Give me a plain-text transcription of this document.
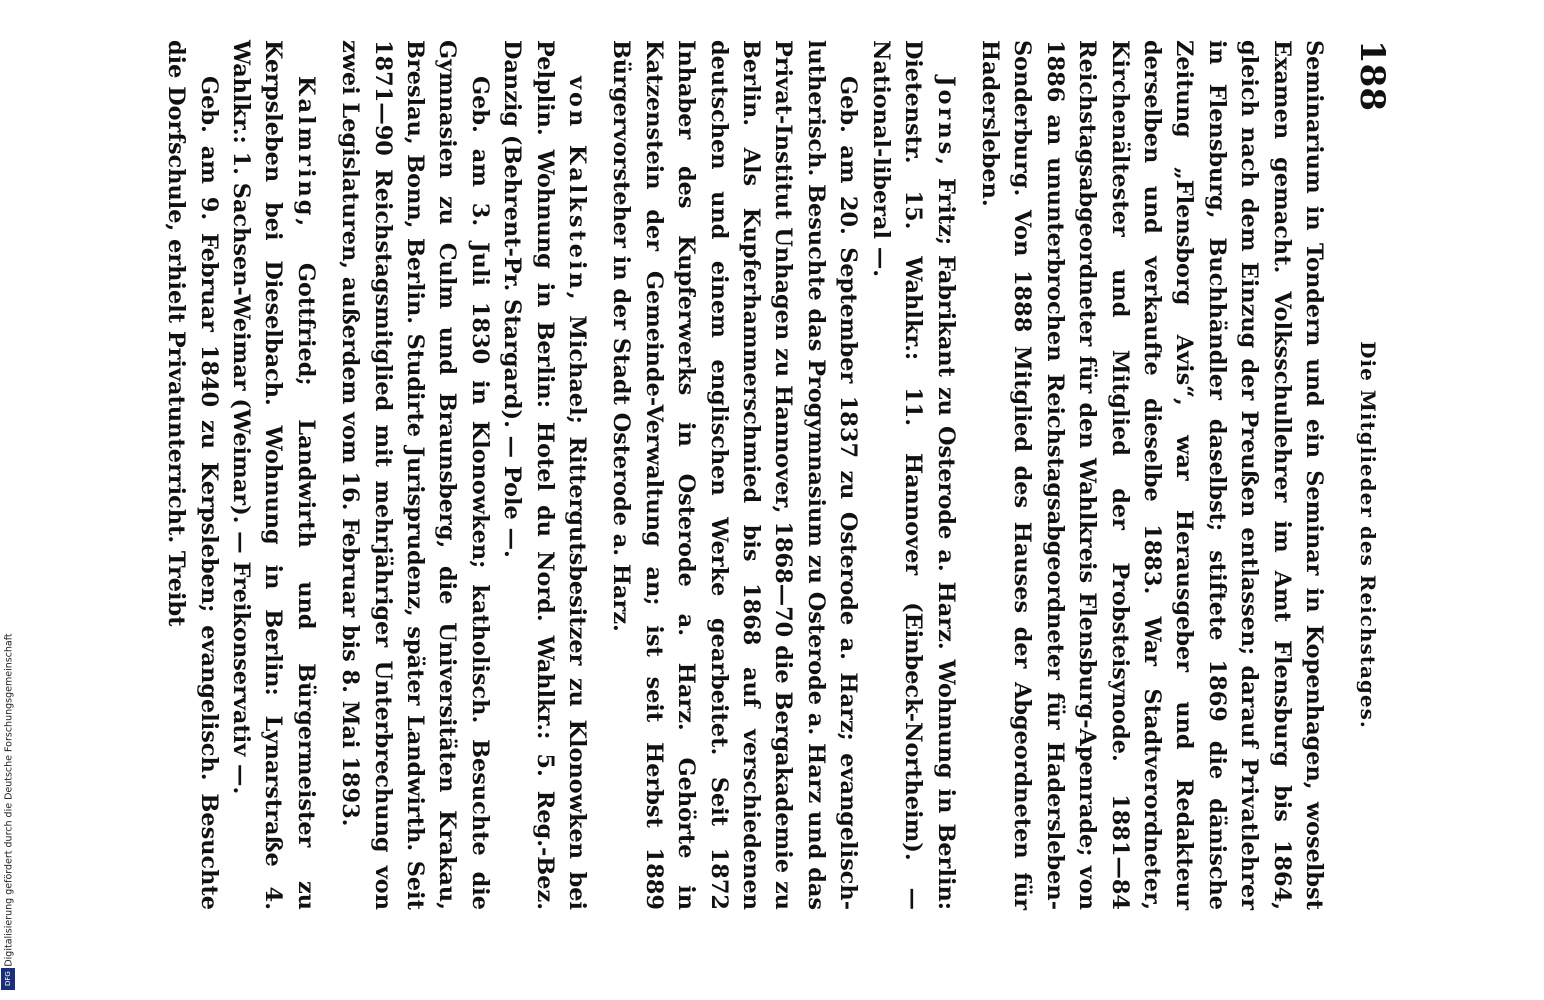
Digitalisierung gefördert durch die Deutsche Forschungsgemeinschaft
DFG
188
Die Mitglieder des Reichstages.

Seminarium in Tondern und ein Seminar in Kopenhagen, woselbst Examen gemacht. Volksschullehrer im Amt Flensburg bis 1864, gleich nach dem Einzug der Preußen entlassen; darauf Privatlehrer in Flensburg, Buchhändler daselbst; stiftete 1869 die dänische Zeitung „Flensborg Avis“, war Herausgeber und Redakteur derselben und verkaufte dieselbe 1883. War Stadtverordneter, Kirchenältester und Mitglied der Probsteisynode. 1881—84 Reichstagsabgeordneter für den Wahlkreis Flensburg-Apenrade; von 1886 an ununterbrochen Reichstagsabgeordneter für Hadersleben-Sonderburg. Von 1888 Mitglied des Hauses der Abgeordneten für Hadersleben.

Jorns, Fritz; Fabrikant zu Osterode a. Harz. Wohnung in Berlin: Dietenstr. 15. Wahlkr.: 11. Hannover (Einbeck-Northeim). — National-liberal —.

Geb. am 20. September 1837 zu Osterode a. Harz; evangelisch-lutherisch. Besuchte das Progymnasium zu Osterode a. Harz und das Privat-Institut Unhagen zu Hannover, 1868—70 die Bergakademie zu Berlin. Als Kupferhammerschmied bis 1868 auf verschiedenen deutschen und einem englischen Werke gearbeitet. Seit 1872 Inhaber des Kupferwerks in Osterode a. Harz. Gehörte in Katzenstein der Gemeinde-Verwaltung an; ist seit Herbst 1889 Bürgervorsteher in der Stadt Osterode a. Harz.

von Kalkstein, Michael; Rittergutsbesitzer zu Klonowken bei Pelplin. Wohnung in Berlin: Hotel du Nord. Wahlkr.: 5. Reg.-Bez. Danzig (Behrent-Pr. Stargard). — Pole —.

Geb. am 3. Juli 1830 in Klonowken; katholisch. Besuchte die Gymnasien zu Culm und Braunsberg, die Universitäten Krakau, Breslau, Bonn, Berlin. Studirte Jurisprudenz, später Landwirth. Seit 1871—90 Reichstagsmitglied mit mehrjähriger Unterbrechung von zwei Legislaturen, außerdem vom 16. Februar bis 8. Mai 1893.

Kalmring, Gottfried; Landwirth und Bürgermeister zu Kerpsleben bei Dieselbach. Wohnung in Berlin: Lynarstraße 4. Wahlkr.: 1. Sachsen-Weimar (Weimar). — Freikonservativ —.

Geb. am 9. Februar 1840 zu Kerpsleben; evangelisch. Besuchte die Dorfschule, erhielt Privatunterricht. Treibt
